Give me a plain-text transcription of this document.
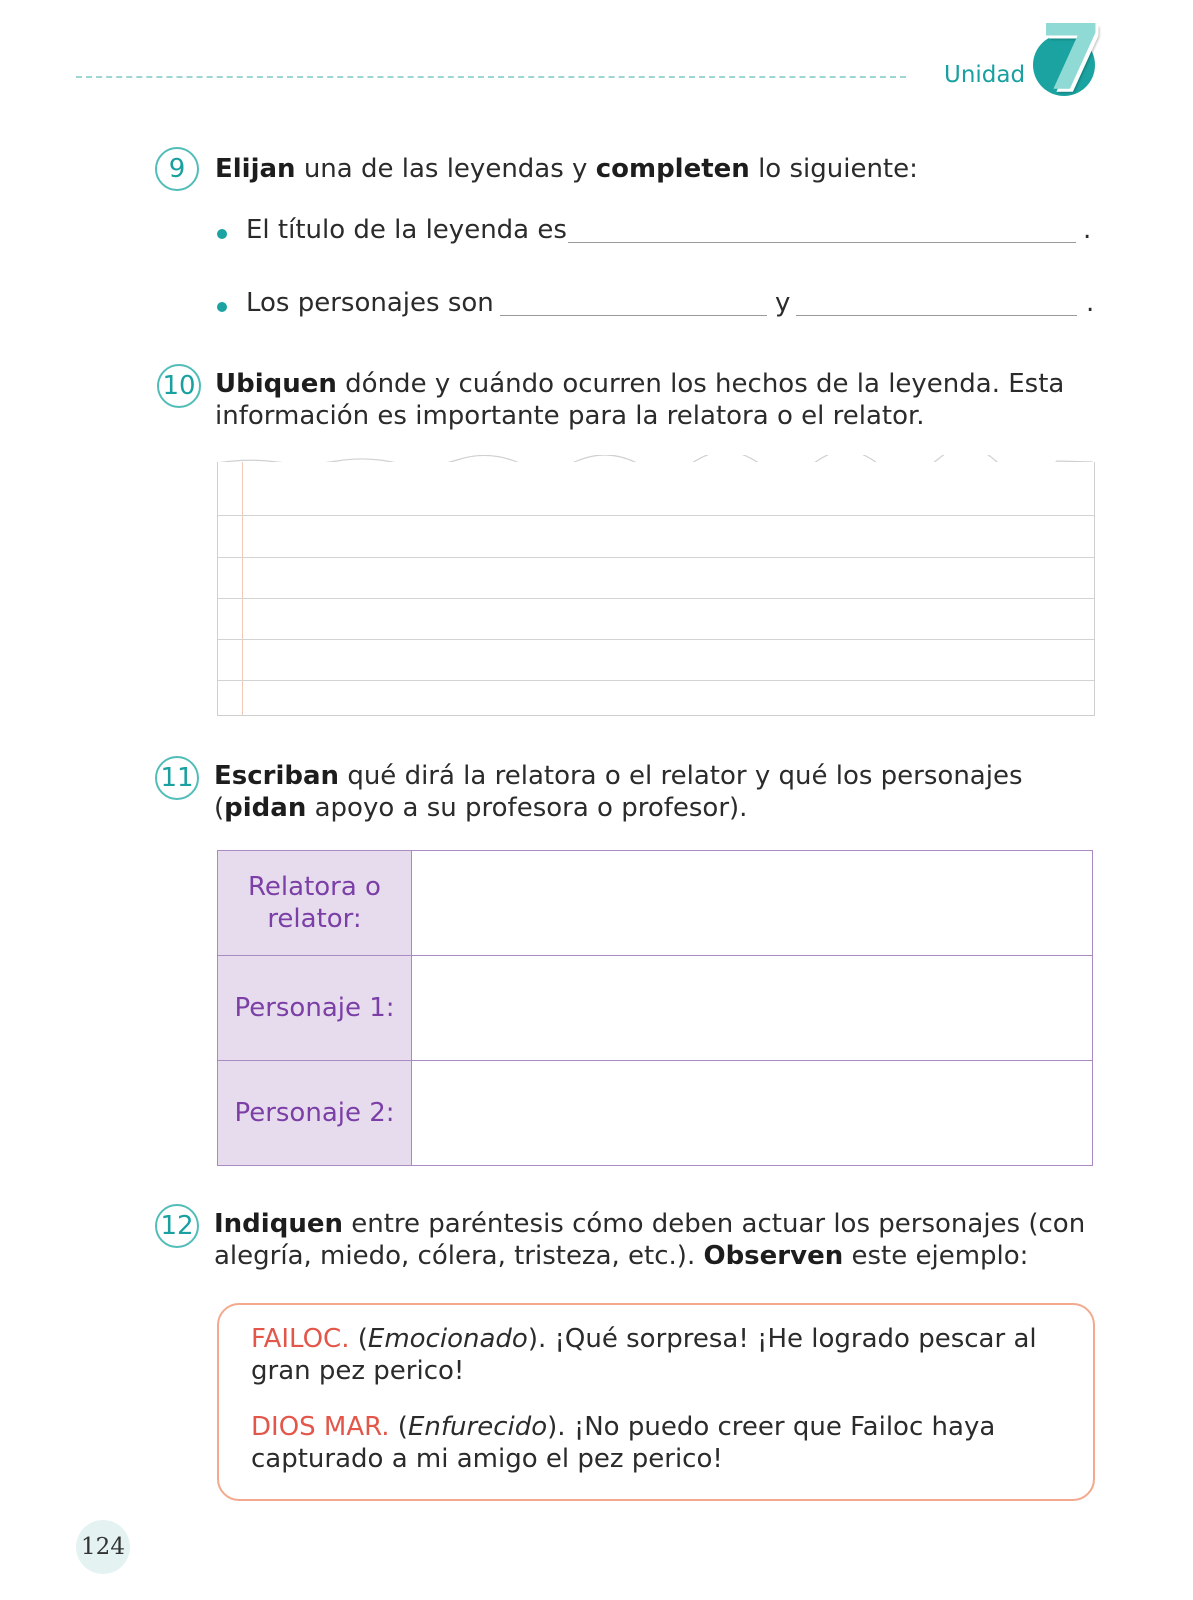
Unidad 7
9	Elijan una de las leyendas y completen lo siguiente:
El título de la leyenda es	.
Los personajes son	y	.
10 Ubiquen dónde y cuándo ocurren los hechos de la leyenda. Esta
información es importante para la relatora o el relator.
11 Escriban qué dirá la relatora o el relator y qué los personajes
(pidan apoyo a su profesora o profesor).
Relatora o
relator:	
Personaje 1:	
Personaje 2:	
12 Indiquen entre paréntesis cómo deben actuar los personajes (con
alegría, miedo, cólera, tristeza, etc.). Observen este ejemplo:
FAILOC. (Emocionado). ¡Qué sorpresa! ¡He logrado pescar al
gran pez perico!
DIOS MAR. (Enfurecido). ¡No puedo creer que Failoc haya
capturado a mi amigo el pez perico!
124
